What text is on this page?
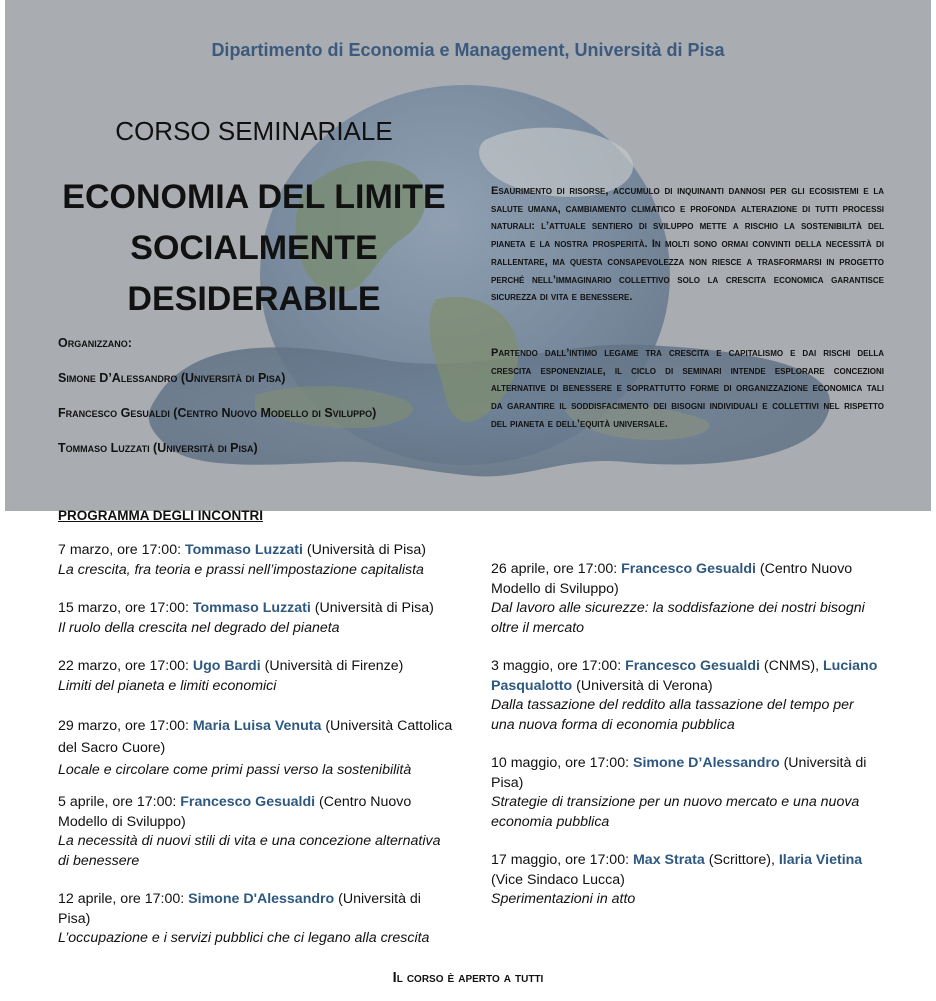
Dipartimento di Economia e Management, Università di Pisa
CORSO SEMINARIALE
ECONOMIA DEL LIMITE
SOCIALMENTE
DESIDERABILE
Organizzano:
Simone D’Alessandro (Università di Pisa)
Francesco Gesualdi (Centro Nuovo Modello di Sviluppo)
Tommaso Luzzati (Università di Pisa)

Esaurimento di risorse, accumulo di inquinanti dannosi per gli ecosistemi e la salute umana, cambiamento climatico e profonda alterazione di tutti processi naturali: l’attuale sentiero di sviluppo mette a rischio la sostenibilità del pianeta e la nostra prosperità. In molti sono ormai convinti della necessità di rallentare, ma questa consapevolezza non riesce a trasformarsi in progetto perché nell’immaginario collettivo solo la crescita economica garantisce sicurezza di vita e benessere.

Partendo dall’intimo legame tra crescita e capitalismo e dai rischi della crescita esponenziale, il ciclo di seminari intende esplorare concezioni alternative di benessere e soprattutto forme di organizzazione economica tali da garantire il soddisfacimento dei bisogni individuali e collettivi nel rispetto del pianeta e dell’equità universale.

PROGRAMMA DEGLI INCONTRI
7 marzo, ore 17:00: Tommaso Luzzati (Università di Pisa)
La crescita, fra teoria e prassi nell’impostazione capitalista
15 marzo, ore 17:00: Tommaso Luzzati (Università di Pisa)
Il ruolo della crescita nel degrado del pianeta
22 marzo, ore 17:00: Ugo Bardi (Università di Firenze)
Limiti del pianeta e limiti economici
29 marzo, ore 17:00: Maria Luisa Venuta (Università Cattolica del Sacro Cuore)
Locale e circolare come primi passi verso la sostenibilità
5 aprile, ore 17:00: Francesco Gesualdi (Centro Nuovo Modello di Sviluppo)
La necessità di nuovi stili di vita e una concezione alternativa di benessere
12 aprile, ore 17:00: Simone D'Alessandro (Università di Pisa)
L’occupazione e i servizi pubblici che ci legano alla crescita
26 aprile, ore 17:00: Francesco Gesualdi (Centro Nuovo Modello di Sviluppo)
Dal lavoro alle sicurezze: la soddisfazione dei nostri bisogni oltre il mercato
3 maggio, ore 17:00: Francesco Gesualdi (CNMS), Luciano Pasqualotto (Università di Verona)
Dalla tassazione del reddito alla tassazione del tempo per una nuova forma di economia pubblica
10 maggio, ore 17:00: Simone D’Alessandro (Università di Pisa)
Strategie di transizione per un nuovo mercato e una nuova economia pubblica
17 maggio, ore 17:00: Max Strata (Scrittore), Ilaria Vietina (Vice Sindaco Lucca)
Sperimentazioni in atto
Il corso è aperto a tutti
